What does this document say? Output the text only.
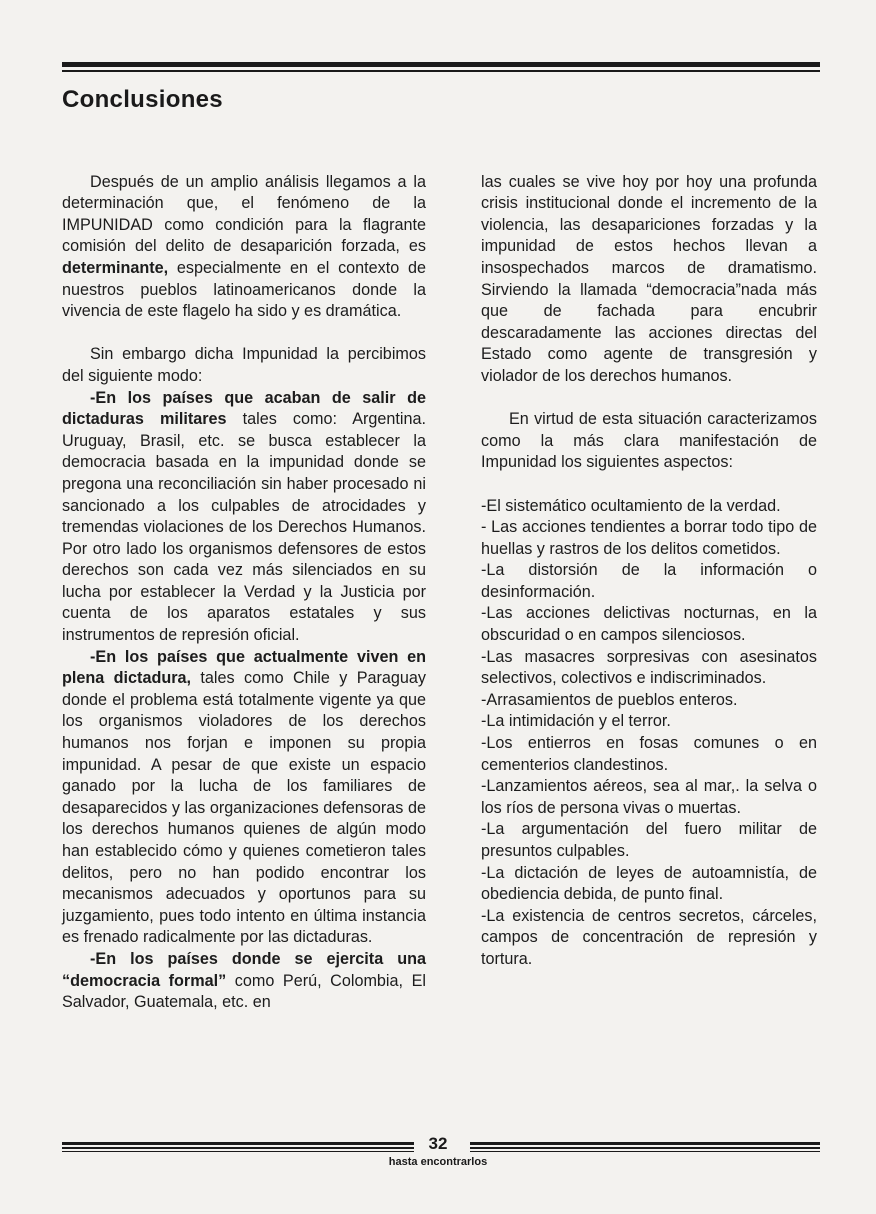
Conclusiones

Después de un amplio análisis llegamos a la determinación que, el fenómeno de la IMPUNIDAD como condición para la flagrante comisión del delito de desaparición forzada, es determinante, especialmente en el contexto de nuestros pueblos latinoamericanos donde la vivencia de este flagelo ha sido y es dramática.

Sin embargo dicha Impunidad la percibimos del siguiente modo:

-En los países que acaban de salir de dictaduras militares tales como: Argentina. Uruguay, Brasil, etc. se busca establecer la democracia basada en la impunidad donde se pregona una reconciliación sin haber procesado ni sancionado a los culpables de atrocidades y tremendas violaciones de los Derechos Humanos. Por otro lado los organismos defensores de estos derechos son cada vez más silenciados en su lucha por establecer la Verdad y la Justicia por cuenta de los aparatos estatales y sus instrumentos de represión oficial.

-En los países que actualmente viven en plena dictadura, tales como Chile y Paraguay donde el problema está totalmente vigente ya que los organismos violadores de los derechos humanos nos forjan e imponen su propia impunidad. A pesar de que existe un espacio ganado por la lucha de los familiares de desaparecidos y las organizaciones defensoras de los derechos humanos quienes de algún modo han establecido cómo y quienes cometieron tales delitos, pero no han podido encontrar los mecanismos adecuados y oportunos para su juzgamiento, pues todo intento en última instancia es frenado radicalmente por las dictaduras.

-En los países donde se ejercita una “democracia formal” como Perú, Colombia, El Salvador, Guatemala, etc. en

las cuales se vive hoy por hoy una profunda crisis institucional donde el incremento de la violencia, las desapariciones forzadas y la impunidad de estos hechos llevan a insospechados marcos de dramatismo. Sirviendo la llamada “democracia”nada más que de fachada para encubrir descaradamente las acciones directas del Estado como agente de transgresión y violador de los derechos humanos.

En virtud de esta situación caracterizamos como la más clara manifestación de Impunidad los siguientes aspectos:

-El sistemático ocultamiento de la verdad.

- Las acciones tendientes a borrar todo tipo de huellas y rastros de los delitos cometidos.

-La distorsión de la información o desinformación.

-Las acciones delictivas nocturnas, en la obscuridad o en campos silenciosos.

-Las masacres sorpresivas con asesinatos selectivos, colectivos e indiscriminados.

-Arrasamientos de pueblos enteros.

-La intimidación y el terror.

-Los entierros en fosas comunes o en cementerios clandestinos.

-Lanzamientos aéreos, sea al mar,. la selva o los ríos de persona vivas o muertas.

-La argumentación del fuero militar de presuntos culpables.

-La dictación de leyes de autoamnistía, de obediencia debida, de punto final.

-La existencia de centros secretos, cárceles, campos de concentración de represión y tortura.

32
hasta encontrarlos
